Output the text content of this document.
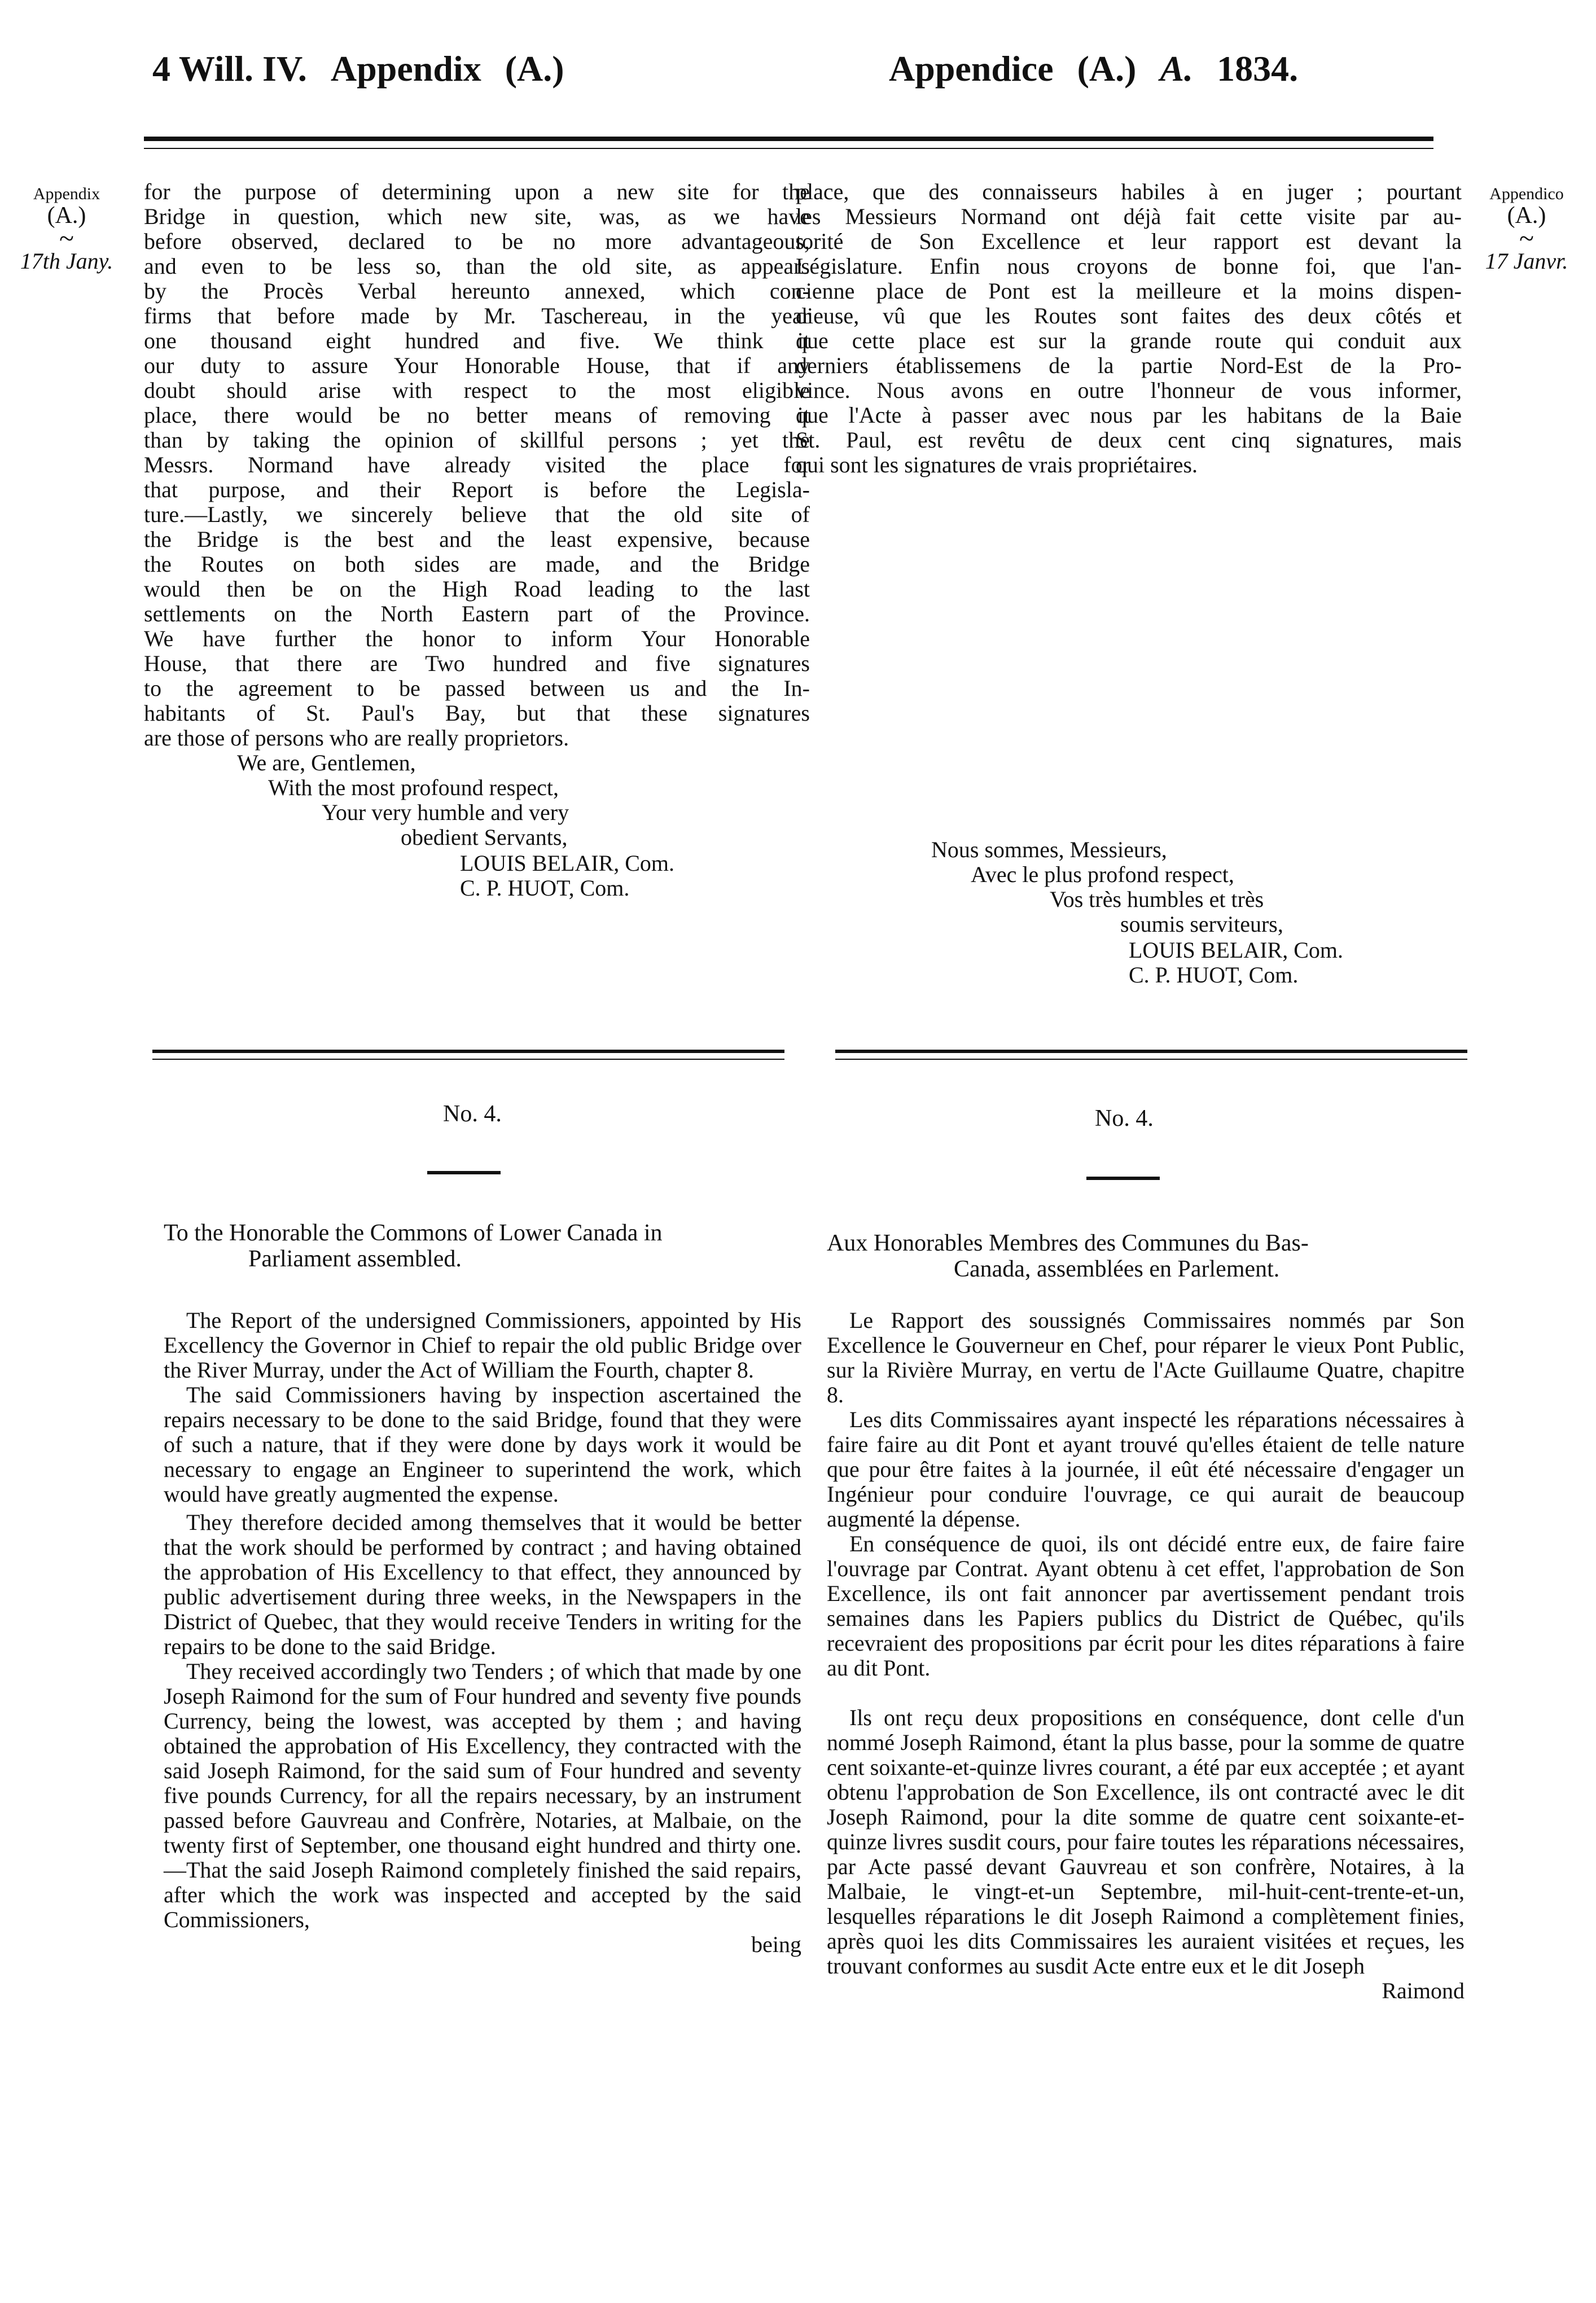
4 Will. IV. Appendix (A.)	Appendice (A.) A. 1834.
Appendix
(A.)
~
17th Jany.
Appendico
(A.)
~
17 Janvr.
for the purpose of determining upon a new site for the
Bridge in question, which new site, was, as we have
before observed, declared to be no more advantageous,
and even to be less so, than the old site, as appears
by the Procès Verbal hereunto annexed, which con-
firms that before made by Mr. Taschereau, in the year
one thousand eight hundred and five. We think it
our duty to assure Your Honorable House, that if any
doubt should arise with respect to the most eligible
place, there would be no better means of removing it
than by taking the opinion of skillful persons ; yet the
Messrs. Normand have already visited the place for
that purpose, and their Report is before the Legisla-
ture.—Lastly, we sincerely believe that the old site of
the Bridge is the best and the least expensive, because
the Routes on both sides are made, and the Bridge
would then be on the High Road leading to the last
settlements on the North Eastern part of the Province.
We have further the honor to inform Your Honorable
House, that there are Two hundred and five signatures
to the agreement to be passed between us and the In-
habitants of St. Paul's Bay, but that these signatures
are those of persons who are really proprietors.
We are, Gentlemen,
With the most profound respect,
Your very humble and very
obedient Servants,
LOUIS BELAIR, Com.
C. P. HUOT, Com.
place, que des connaisseurs habiles à en juger ; pourtant
les Messieurs Normand ont déjà fait cette visite par au-
torité de Son Excellence et leur rapport est devant la
Législature. Enfin nous croyons de bonne foi, que l'an-
cienne place de Pont est la meilleure et la moins dispen-
dieuse, vû que les Routes sont faites des deux côtés et
que cette place est sur la grande route qui conduit aux
derniers établissemens de la partie Nord-Est de la Pro-
vince. Nous avons en outre l'honneur de vous informer,
que l'Acte à passer avec nous par les habitans de la Baie
St. Paul, est revêtu de deux cent cinq signatures, mais
qui sont les signatures de vrais propriétaires.
Nous sommes, Messieurs,
Avec le plus profond respect,
Vos très humbles et très
soumis serviteurs,
LOUIS BELAIR, Com.
C. P. HUOT, Com.
No. 4.	No. 4.
To the Honorable the Commons of Lower Canada in
Parliament assembled.

The Report of the undersigned Commissioners, appointed by His Excellency the Governor in Chief to repair the old public Bridge over the River Murray, under the Act of William the Fourth, chapter 8.

The said Commissioners having by inspection ascertained the repairs necessary to be done to the said Bridge, found that they were of such a nature, that if they were done by days work it would be necessary to engage an Engineer to superintend the work, which would have greatly augmented the expense.

They therefore decided among themselves that it would be better that the work should be performed by contract ; and having obtained the approbation of His Excellency to that effect, they announced by public advertisement during three weeks, in the Newspapers in the District of Quebec, that they would receive Tenders in writing for the repairs to be done to the said Bridge.

They received accordingly two Tenders ; of which that made by one Joseph Raimond for the sum of Four hundred and seventy five pounds Currency, being the lowest, was accepted by them ; and having obtained the approbation of His Excellency, they contracted with the said Joseph Raimond, for the said sum of Four hundred and seventy five pounds Currency, for all the repairs necessary, by an instrument passed before Gauvreau and Confrère, Notaries, at Malbaie, on the twenty first of September, one thousand eight hundred and thirty one.—That the said Joseph Raimond completely finished the said repairs, after which the work was inspected and accepted by the said Commissioners,

being

Aux Honorables Membres des Communes du Bas-
Canada, assemblées en Parlement.

Le Rapport des soussignés Commissaires nommés par Son Excellence le Gouverneur en Chef, pour réparer le vieux Pont Public, sur la Rivière Murray, en vertu de l'Acte Guillaume Quatre, chapitre 8.

Les dits Commissaires ayant inspecté les réparations nécessaires à faire faire au dit Pont et ayant trouvé qu'elles étaient de telle nature que pour être faites à la journée, il eût été nécessaire d'engager un Ingénieur pour conduire l'ouvrage, ce qui aurait de beaucoup augmenté la dépense.

En conséquence de quoi, ils ont décidé entre eux, de faire faire l'ouvrage par Contrat. Ayant obtenu à cet effet, l'approbation de Son Excellence, ils ont fait annoncer par avertissement pendant trois semaines dans les Papiers publics du District de Québec, qu'ils recevraient des propositions par écrit pour les dites réparations à faire au dit Pont.

Ils ont reçu deux propositions en conséquence, dont celle d'un nommé Joseph Raimond, étant la plus basse, pour la somme de quatre cent soixante-et-quinze livres courant, a été par eux acceptée ; et ayant obtenu l'approbation de Son Excellence, ils ont contracté avec le dit Joseph Raimond, pour la dite somme de quatre cent soixante-et-quinze livres susdit cours, pour faire toutes les réparations nécessaires, par Acte passé devant Gauvreau et son confrère, Notaires, à la Malbaie, le vingt-et-un Septembre, mil-huit-cent-trente-et-un, lesquelles réparations le dit Joseph Raimond a complètement finies, après quoi les dits Commissaires les auraient visitées et reçues, les trouvant conformes au susdit Acte entre eux et le dit Joseph

Raimond
